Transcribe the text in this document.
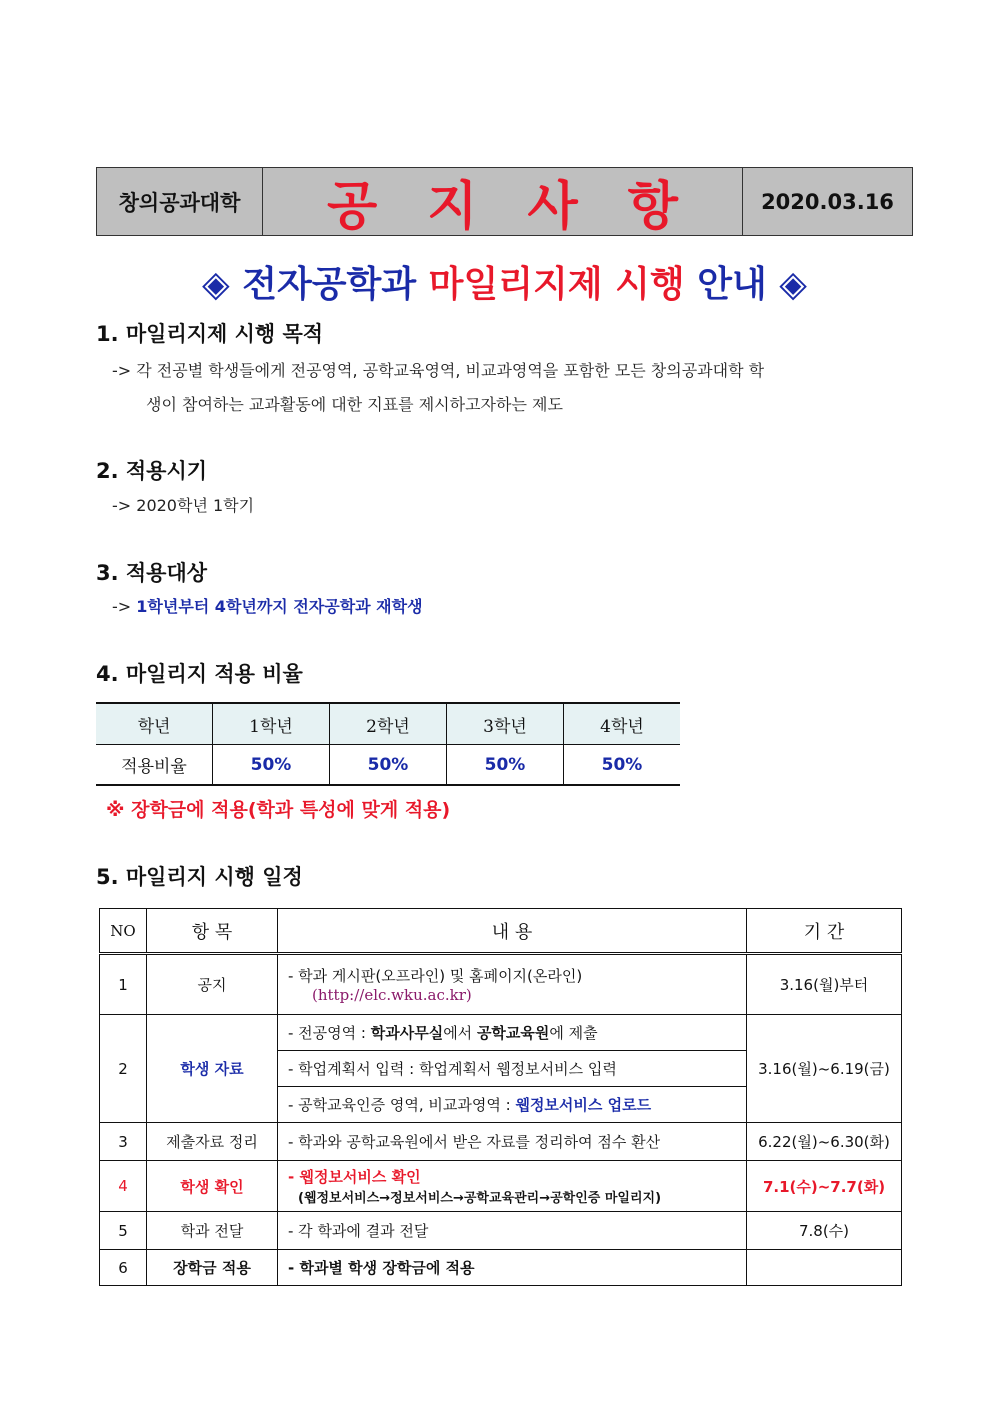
창의공과대학	공지사항	2020.03.16
◈ 전자공학과 마일리지제 시행 안내 ◈
1. 마일리지제 시행 목적
-> 각 전공별 학생들에게 전공영역, 공학교육영역, 비교과영역을 포함한 모든 창의공과대학 학
생이 참여하는 교과활동에 대한 지표를 제시하고자하는 제도
2. 적용시기
-> 2020학년 1학기
3. 적용대상
-> 1학년부터 4학년까지 전자공학과 재학생
4. 마일리지 적용 비율
학년	1학년	2학년	3학년	4학년
적용비율	50%	50%	50%	50%
※ 장학금에 적용(학과 특성에 맞게 적용)
5. 마일리지 시행 일정
NO	항 목	내 용	기 간
1	공지	- 학과 게시판(오프라인) 및 홈페이지(온라인)
(http://elc.wku.ac.kr)	3.16(월)부터
2	학생 자료	- 전공영역 : 학과사무실에서 공학교육원에 제출	3.16(월)~6.19(금)
		- 학업계획서 입력 : 학업계획서 웹정보서비스 입력	
		- 공학교육인증 영역, 비교과영역 : 웹정보서비스 업로드	
3	제출자료 정리	- 학과와 공학교육원에서 받은 자료를 정리하여 점수 환산	6.22(월)~6.30(화)
4	학생 확인	- 웹정보서비스 확인
(웹정보서비스→정보서비스→공학교육관리→공학인증 마일리지)	7.1(수)~7.7(화)
5	학과 전달	- 각 학과에 결과 전달	7.8(수)
6	장학금 적용	- 학과별 학생 장학금에 적용	
